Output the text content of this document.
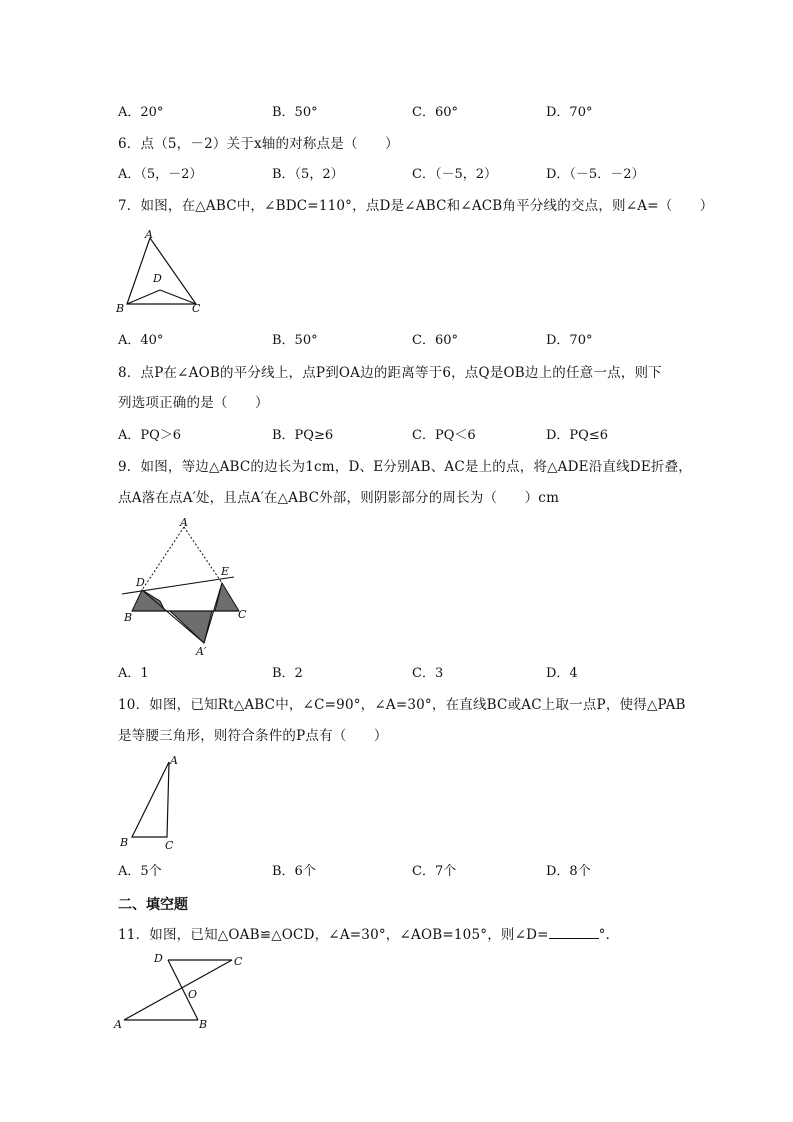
A．20°	B．50°	C．60°	D．70°
6．点（5，－2）关于x轴的对称点是（　　）
A．（5，－2）	B．（5，2）	C．（－5，2）	D．（－5．－2）
7．如图，在△ABC中，∠BDC=110°，点D是∠ABC和∠ACB角平分线的交点，则∠A=（　　）
A
B	C
D
A．40°	B．50°	C．60°	D．70°
8．点P在∠AOB的平分线上，点P到OA边的距离等于6，点Q是OB边上的任意一点，则下
列选项正确的是（　　）
A．PQ＞6	B．PQ≥6	C．PQ＜6	D．PQ≤6
9．如图，等边△ABC的边长为1cm，D、E分别AB、AC是上的点，将△ADE沿直线DE折叠，
点A落在点A′处，且点A′在△ABC外部，则阴影部分的周长为（　　）cm
A
D
E
B	C
A′
A．1	B．2	C．3	D．4
10．如图，已知Rt△ABC中，∠C=90°，∠A=30°，在直线BC或AC上取一点P，使得△PAB
是等腰三角形，则符合条件的P点有（　　）
A
B	C
A．5个	B．6个	C．7个	D．8个
二、填空题
11．如图，已知△OAB≌△OCD，∠A=30°，∠AOB=105°，则∠D=	°．
D	C
O
A	B
